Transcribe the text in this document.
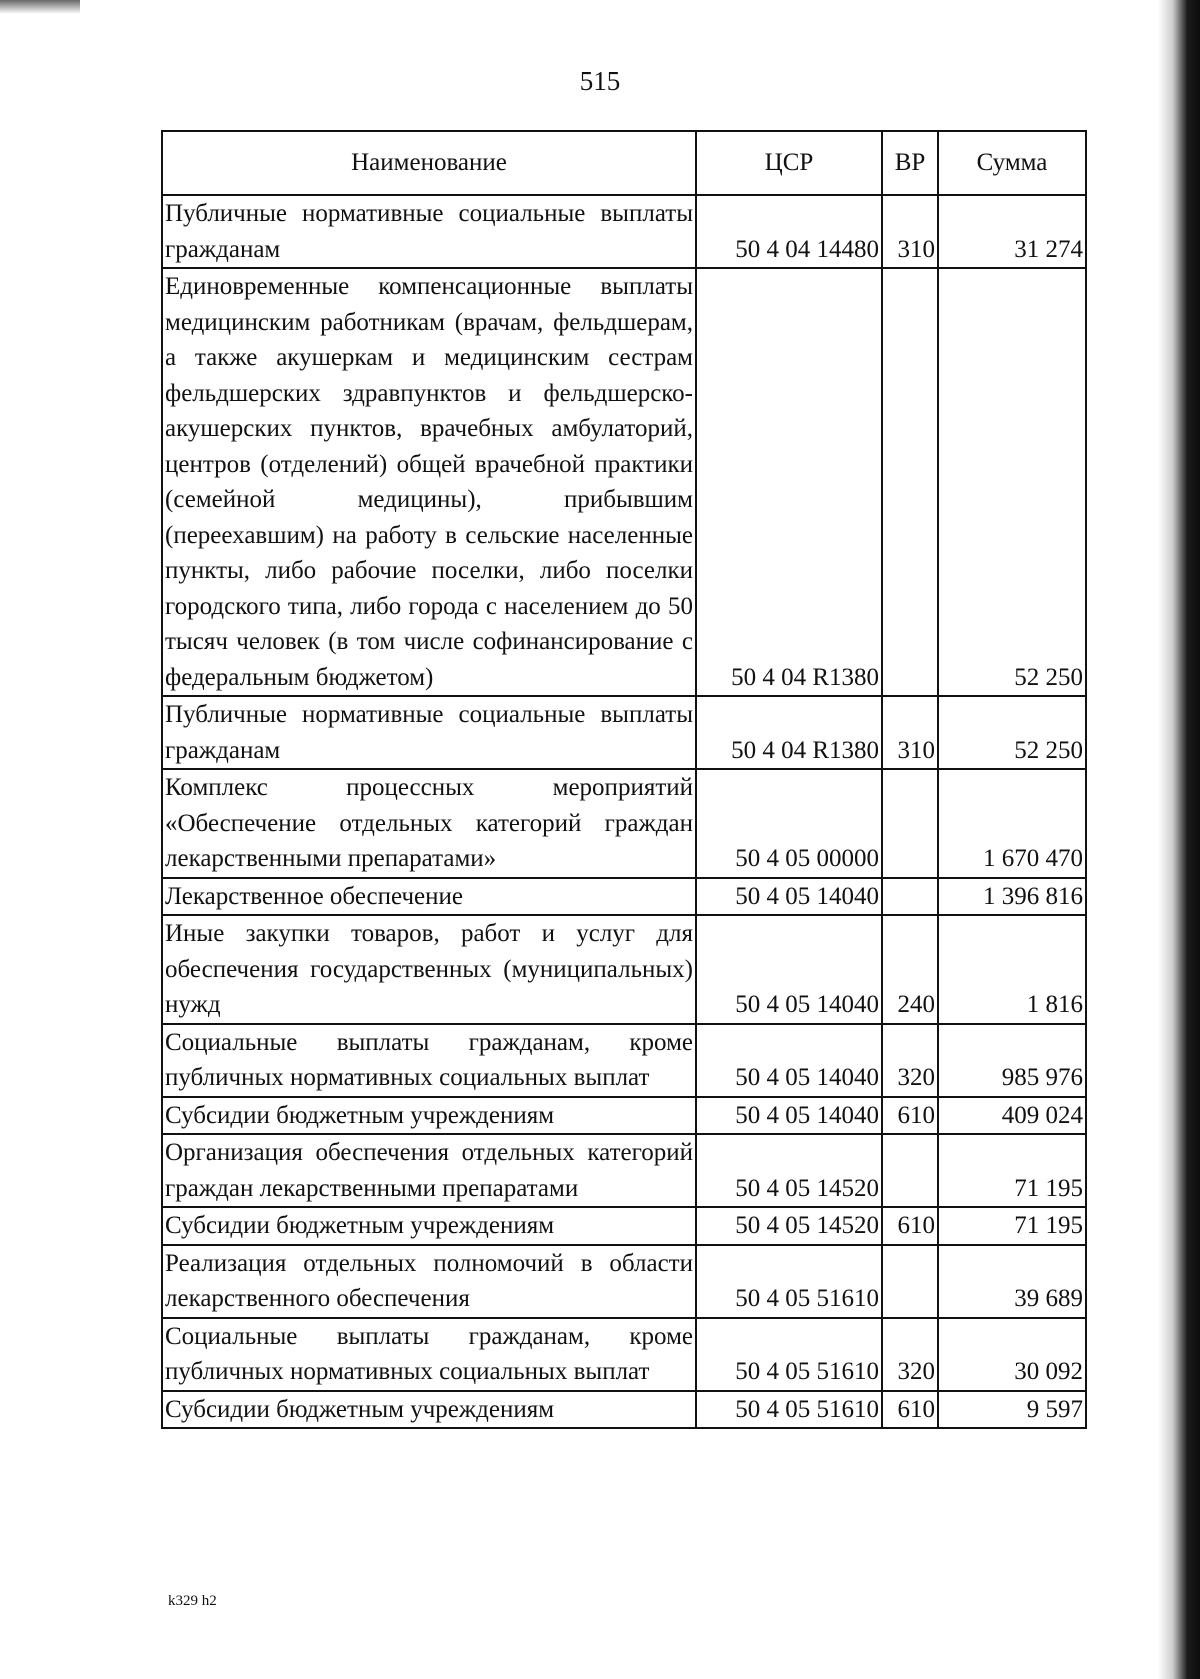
515
Наименование	ЦСР	ВР	Сумма
Публичные нормативные социальные выплаты гражданам	50 4 04 14480	310	31 274
Единовременные компенсационные выплаты медицинским работникам (врачам, фельдшерам, а также акушеркам и медицинским сестрам фельдшерских здравпунктов и фельдшерско-акушерских пунктов, врачебных амбулаторий, центров (отделений) общей врачебной практики (семейной медицины), прибывшим (переехавшим) на работу в сельские населенные пункты, либо рабочие поселки, либо поселки городского типа, либо города с населением до 50 тысяч человек (в том числе софинансирование с федеральным бюджетом)	50 4 04 R1380		52 250
Публичные нормативные социальные выплаты гражданам	50 4 04 R1380	310	52 250
Комплекс процессных мероприятий «Обеспечение отдельных категорий граждан лекарственными препаратами»	50 4 05 00000		1 670 470
Лекарственное обеспечение	50 4 05 14040		1 396 816
Иные закупки товаров, работ и услуг для обеспечения государственных (муниципальных) нужд	50 4 05 14040	240	1 816
Социальные выплаты гражданам, кроме публичных нормативных социальных выплат	50 4 05 14040	320	985 976
Субсидии бюджетным учреждениям	50 4 05 14040	610	409 024
Организация обеспечения отдельных категорий граждан лекарственными препаратами	50 4 05 14520		71 195
Субсидии бюджетным учреждениям	50 4 05 14520	610	71 195
Реализация отдельных полномочий в области лекарственного обеспечения	50 4 05 51610		39 689
Социальные выплаты гражданам, кроме публичных нормативных социальных выплат	50 4 05 51610	320	30 092
Субсидии бюджетным учреждениям	50 4 05 51610	610	9 597
k329 h2
